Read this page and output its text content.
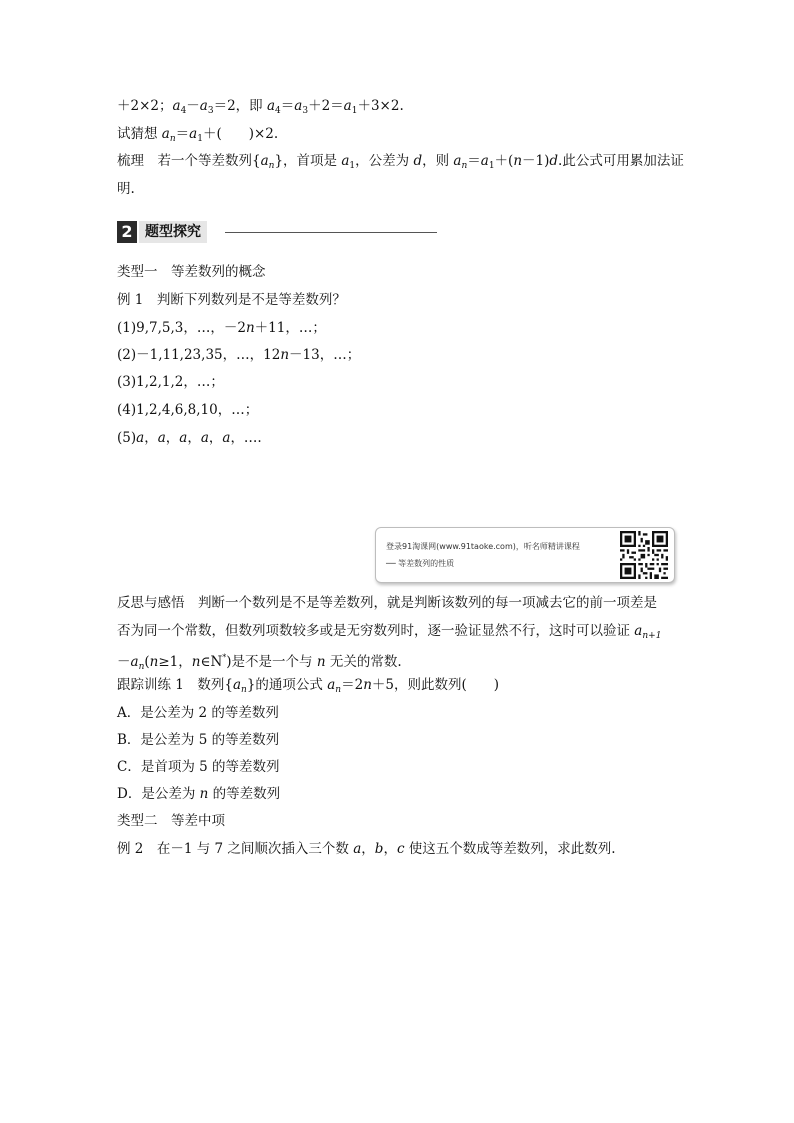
＋2×2；$a_4-a_3=2$，即 $a_4=a_3+2=a_1+3\times 2$.
试猜想 $a_n=a_1+$(　　)×2.
梳理　若一个等差数列$\{a_n\}$，首项是 $a_1$，公差为 d，则 $a_n=a_1+(n-1)d$.此公式可用累加法证
明.
2 题型探究
类型一　等差数列的概念
例 1　判断下列数列是不是等差数列？
(1)9,7,5,3，…，－2n＋11，…；
(2)－1,11,23,35，…，12n－13，…；
(3)1,2,1,2，…；
(4)1,2,4,6,8,10，…；
(5)a，a，a，a，a，….
登录91淘课网(www.91taoke.com)，听名师精讲课程
── 等差数列的性质
反思与感悟　判断一个数列是不是等差数列，就是判断该数列的每一项减去它的前一项差是
否为同一个常数，但数列项数较多或是无穷数列时，逐一验证显然不行，这时可以验证 $a_{n+1}$
$-a_n(n\ge 1$，n∈N*)是不是一个与 n 无关的常数.
跟踪训练 1　数列$\{a_n\}$的通项公式 $a_n=2n+5$，则此数列(　　)
A．是公差为 2 的等差数列
B．是公差为 5 的等差数列
C．是首项为 5 的等差数列
D．是公差为 n 的等差数列
类型二　等差中项
例 2　在－1 与 7 之间顺次插入三个数 a，b，c 使这五个数成等差数列，求此数列.
